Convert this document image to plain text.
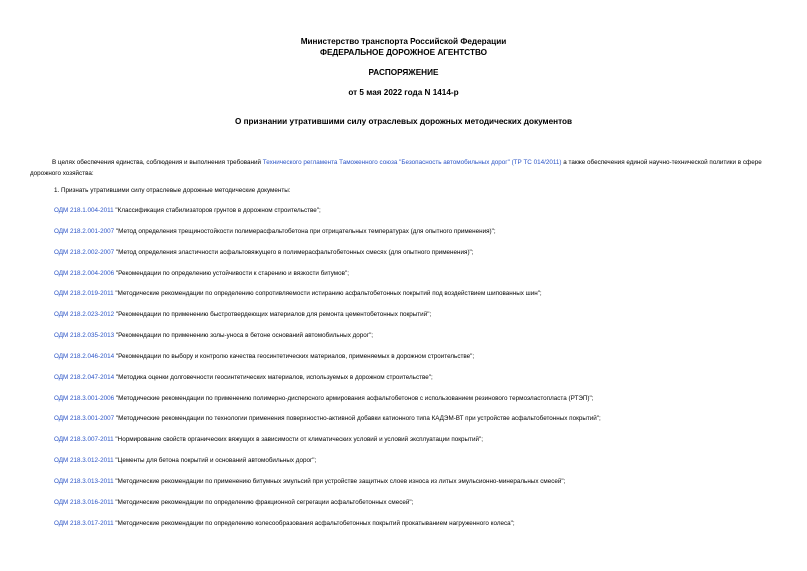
Министерство транспорта Российской Федерации
ФЕДЕРАЛЬНОЕ ДОРОЖНОЕ АГЕНТСТВО
РАСПОРЯЖЕНИЕ
от 5 мая 2022 года N 1414-р
О признании утратившими силу отраслевых дорожных методических документов
В целях обеспечения единства, соблюдения и выполнения требований Технического регламента Таможенного союза "Безопасность автомобильных дорог" (ТР ТС 014/2011) а также обеспечения единой научно-технической политики в сфере дорожного хозяйства:
1. Признать утратившими силу отраслевые дорожные методические документы:
ОДМ 218.1.004-2011 "Классификация стабилизаторов грунтов в дорожном строительстве";
ОДМ 218.2.001-2007 "Метод определения трещиностойкости полимерасфальтобетона при отрицательных температурах (для опытного применения)";
ОДМ 218.2.002-2007 "Метод определения эластичности асфальтовяжущего в полимерасфальтобетонных смесях (для опытного применения)";
ОДМ 218.2.004-2006 "Рекомендации по определению устойчивости к старению и вязкости битумов";
ОДМ 218.2.019-2011 "Методические рекомендации по определению сопротивляемости истиранию асфальтобетонных покрытий под воздействием шипованных шин";
ОДМ 218.2.023-2012 "Рекомендации по применению быстротвердеющих материалов для ремонта цементобетонных покрытий";
ОДМ 218.2.035-2013 "Рекомендации по применению золы-уноса в бетоне оснований автомобильных дорог";
ОДМ 218.2.046-2014 "Рекомендации по выбору и контролю качества геосинтетических материалов, применяемых в дорожном строительстве";
ОДМ 218.2.047-2014 "Методика оценки долговечности геосинтетических материалов, используемых в дорожном строительстве";
ОДМ 218.3.001-2006 "Методические рекомендации по применению полимерно-дисперсного армирования асфальтобетонов с использованием резинового термоэластопласта (РТЭП)";
ОДМ 218.3.001-2007 "Методические рекомендации по технологии применения поверхностно-активной добавки катионного типа КАДЭМ-ВТ при устройстве асфальтобетонных покрытий";
ОДМ 218.3.007-2011 "Нормирование свойств органических вяжущих в зависимости от климатических условий и условий эксплуатации покрытий";
ОДМ 218.3.012-2011 "Цементы для бетона покрытий и оснований автомобильных дорог";
ОДМ 218.3.013-2011 "Методические рекомендации по применению битумных эмульсий при устройстве защитных слоев износа из литых эмульсионно-минеральных смесей";
ОДМ 218.3.016-2011 "Методические рекомендации по определению фракционной сегрегации асфальтобетонных смесей";
ОДМ 218.3.017-2011 "Методические рекомендации по определению колесообразования асфальтобетонных покрытий прокатыванием нагруженного колеса";
